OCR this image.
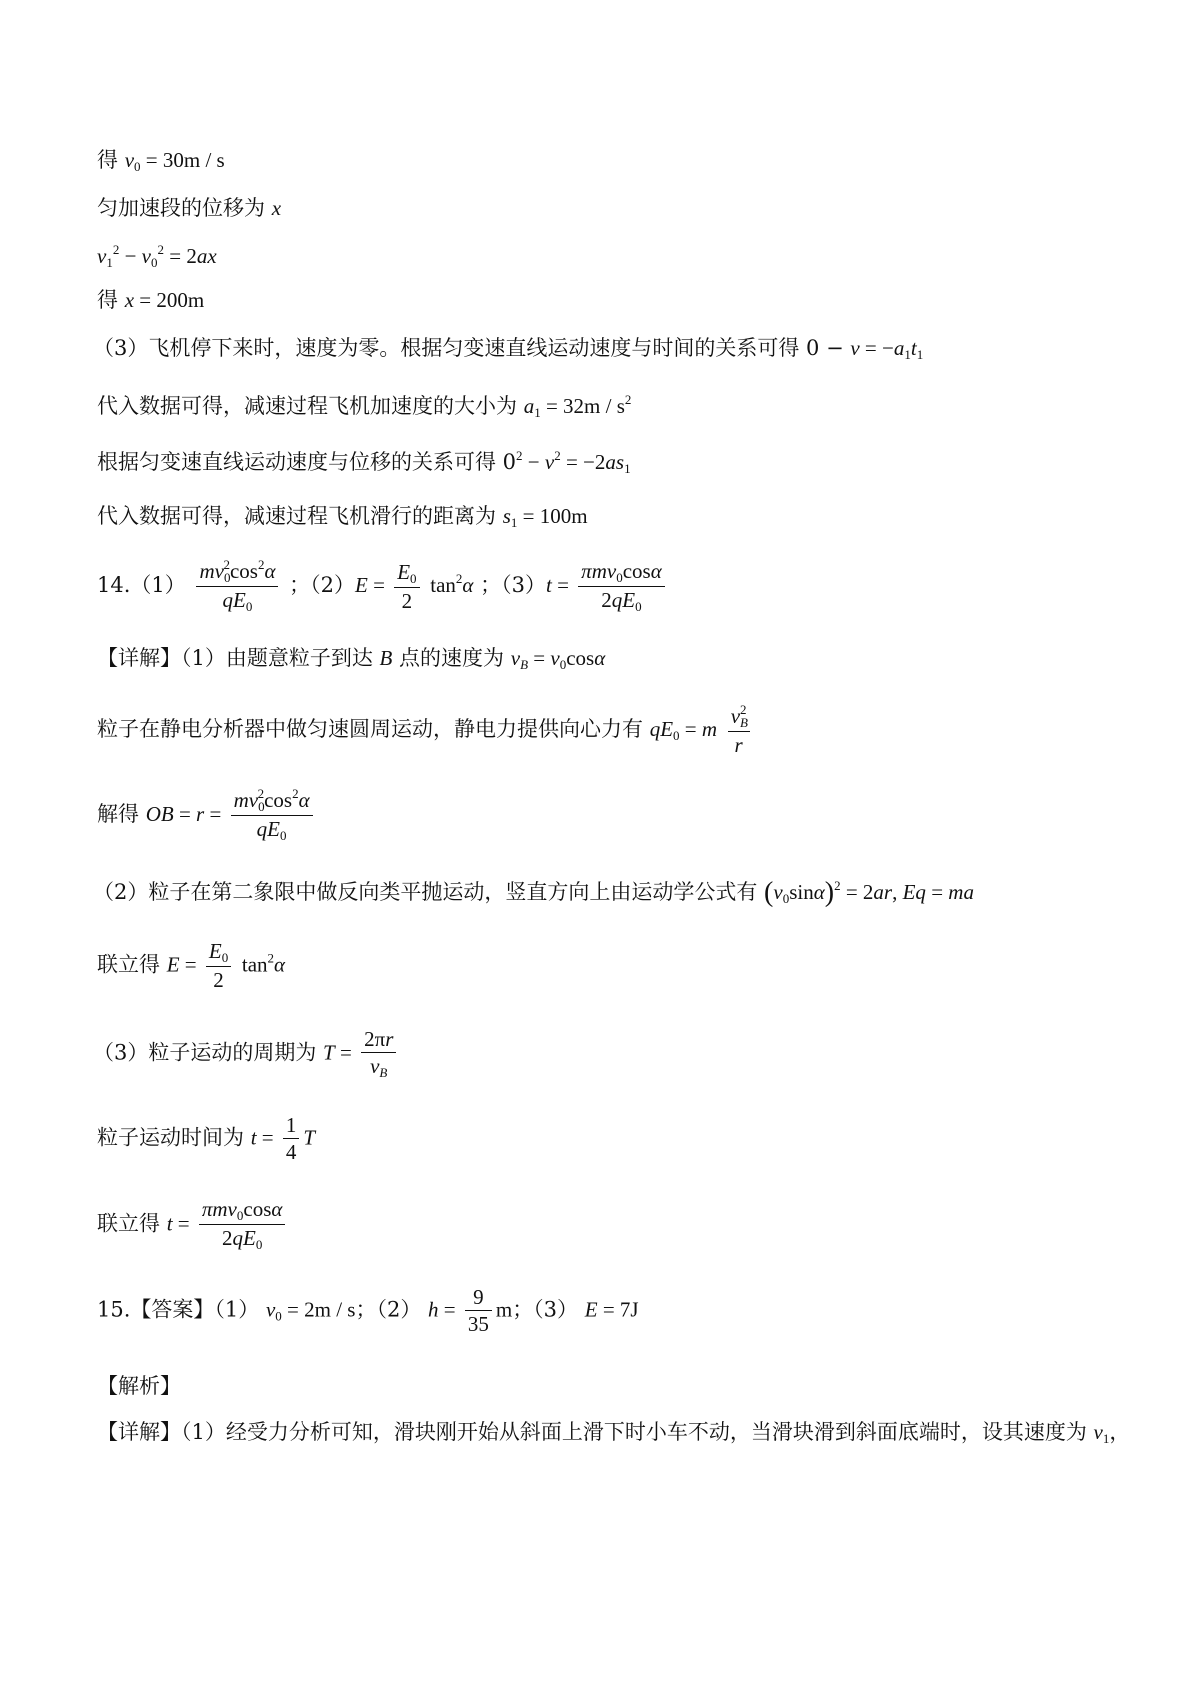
得 $v_0 = 30m / s$
匀加速段的位移为 x
$v_1^2 - v_0^2 = 2ax$
得 x = 200m
（3）飞机停下来时，速度为零。根据匀变速直线运动速度与时间的关系可得 $0 - v = -a_1t_1$
代入数据可得，减速过程飞机加速度的大小为 $a_1 = 32m / s^2$
根据匀变速直线运动速度与位移的关系可得 $0^2 - v^2 = -2as_1$
代入数据可得，减速过程飞机滑行的距离为 $s_1 = 100m$
$14.(1) \frac{mv_0^2\cos^2\alpha}{qE_0}$ ；$(2)E = \frac{E_0}{2} \tan^2\alpha$ ；$(3)t = \frac{\pi mv_0\cos\alpha}{2qE_0}$
【详解】（1）由题意粒子到达 B 点的速度为 $v_B = v_0\cos\alpha$
粒子在静电分析器中做匀速圆周运动，静电力提供向心力有 $qE_0 = m \frac{v_B^2}{r}$
解得 OB = $r = \frac{mv_0^2\cos^2\alpha}{qE_0}$
（2）粒子在第二象限中做反向类平抛运动，竖直方向上由运动学公式有 $(v_0\sin\alpha)^2 = 2ar$, Eq = ma
联立得 $E = \frac{E_0}{2} \tan^2\alpha$
（3）粒子运动的周期为 $T = \frac{2\pi r}{v_B}$
粒子运动时间为 $t = \frac{1}{4}$ T
联立得 $t = \frac{\pi mv_0\cos\alpha}{2qE_0}$
15.【答案】（1） $v_0 = 2m / s$；（2） $h = \frac{9}{35}$ m；（3） E = 7J
【解析】
【详解】（1）经受力分析可知，滑块刚开始从斜面上滑下时小车不动，当滑块滑到斜面底端时，设其速度为 $v_1$，
